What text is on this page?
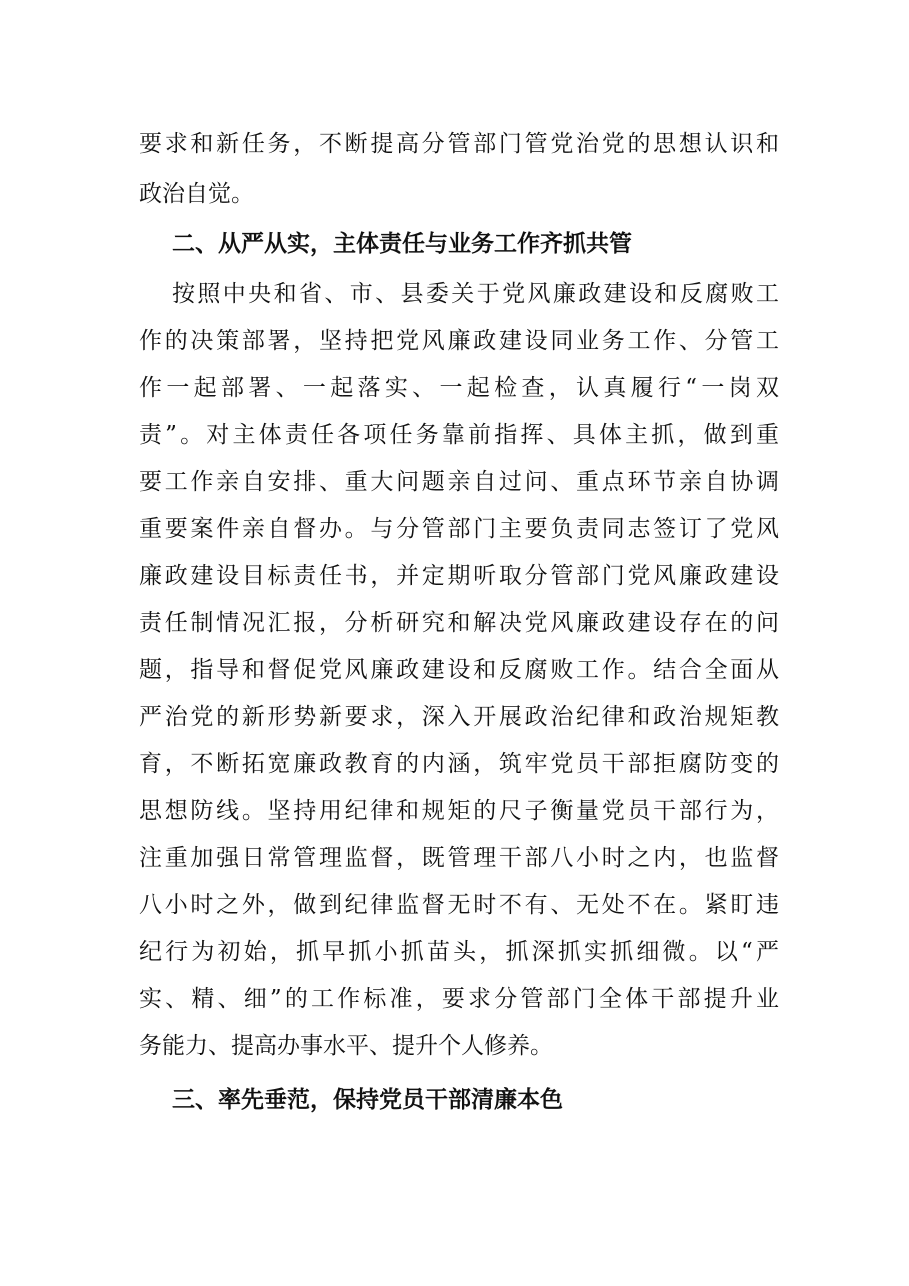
要求和新任务，不断提高分管部门管党治党的思想认识和
政治自觉。
二、从严从实，主体责任与业务工作齐抓共管
按照中央和省、市、县委关于党风廉政建设和反腐败工
作的决策部署，坚持把党风廉政建设同业务工作、分管工
作一起部署、一起落实、一起检查，认真履行“一岗双
责”。对主体责任各项任务靠前指挥、具体主抓，做到重
要工作亲自安排、重大问题亲自过问、重点环节亲自协调
重要案件亲自督办。与分管部门主要负责同志签订了党风
廉政建设目标责任书，并定期听取分管部门党风廉政建设
责任制情况汇报，分析研究和解决党风廉政建设存在的问
题，指导和督促党风廉政建设和反腐败工作。结合全面从
严治党的新形势新要求，深入开展政治纪律和政治规矩教
育，不断拓宽廉政教育的内涵，筑牢党员干部拒腐防变的
思想防线。坚持用纪律和规矩的尺子衡量党员干部行为，
注重加强日常管理监督，既管理干部八小时之内，也监督
八小时之外，做到纪律监督无时不有、无处不在。紧盯违
纪行为初始，抓早抓小抓苗头，抓深抓实抓细微。以“严
实、精、细”的工作标准，要求分管部门全体干部提升业
务能力、提高办事水平、提升个人修养。
三、率先垂范，保持党员干部清廉本色
